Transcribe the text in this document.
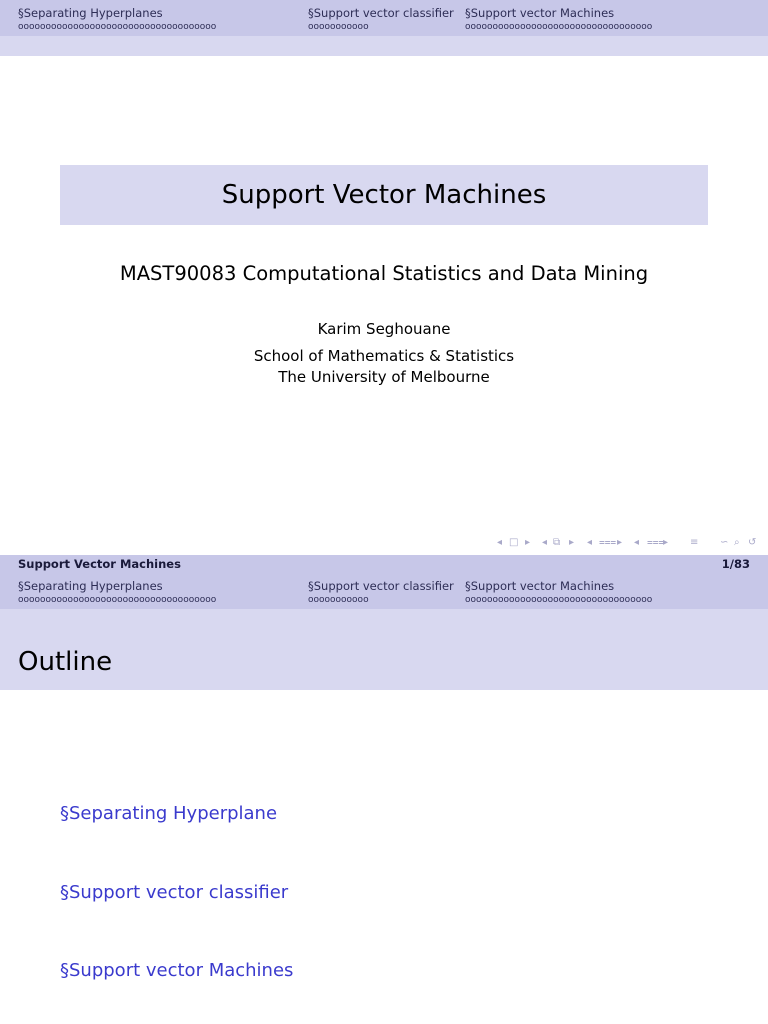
§Separating Hyperplanes
oooooooooooooooooooooooooooooooooooo
§Support vector classifier
ooooooooooo
§Support vector Machines
oooooooooooooooooooooooooooooooooo
Support Vector Machines
MAST90083 Computational Statistics and Data Mining
Karim Seghouane
School of Mathematics & Statistics
The University of Melbourne
◂ □ ▸ ◂ ⧉ ▸ ◂ ⩶ ▸ ◂ ⩶
▸ ≡ ∽ ⌕ ↺
Support Vector Machines	1/83
§Separating Hyperplanes
oooooooooooooooooooooooooooooooooooo
§Support vector classifier
ooooooooooo
§Support vector Machines
oooooooooooooooooooooooooooooooooo
Outline
§Separating Hyperplane
§Support vector classifier
§Support vector Machines
